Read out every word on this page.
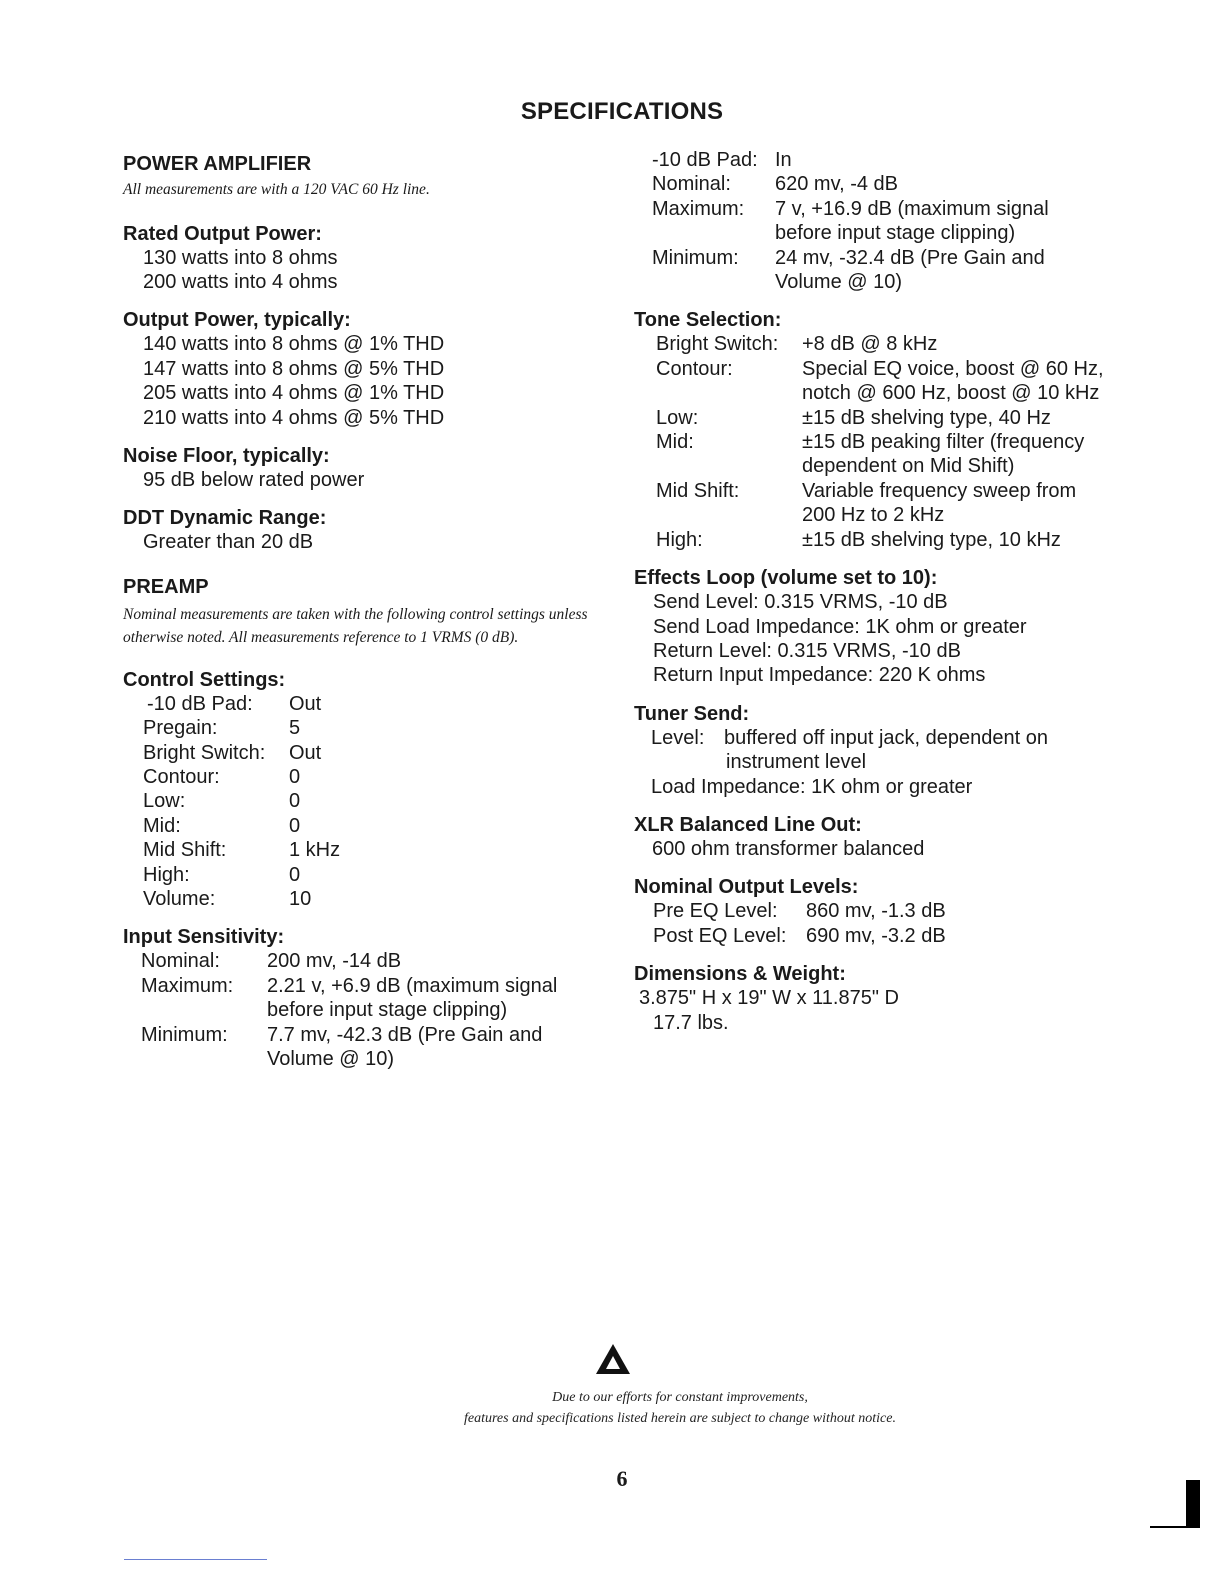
SPECIFICATIONS
POWER AMPLIFIER
All measurements are with a 120 VAC 60 Hz line.
Rated Output Power:
130 watts into 8 ohms
200 watts into 4 ohms
Output Power, typically:
140 watts into 8 ohms @ 1% THD
147 watts into 8 ohms @ 5% THD
205 watts into 4 ohms @ 1% THD
210 watts into 4 ohms @ 5% THD
Noise Floor, typically:
95 dB below rated power
DDT Dynamic Range:
Greater than 20 dB
PREAMP
Nominal measurements are taken with the following control settings unless otherwise noted. All measurements reference to 1 VRMS (0 dB).
Control Settings:
-10 dB Pad:	Out
Pregain:	5
Bright Switch:	Out
Contour:	0
Low:	0
Mid:	0
Mid Shift:	1 kHz
High:	0
Volume:	10
Input Sensitivity:
Nominal:	200 mv, -14 dB
Maximum:	2.21 v, +6.9 dB (maximum signal
before input stage clipping)
Minimum:	7.7 mv, -42.3 dB (Pre Gain and
Volume @ 10)
-10 dB Pad: In
Nominal:	620 mv, -4 dB
Maximum:	7 v, +16.9 dB (maximum signal
before input stage clipping)
Minimum:	24 mv, -32.4 dB (Pre Gain and
Volume @ 10)
Tone Selection:
Bright Switch:	+8 dB @ 8 kHz
Contour:	Special EQ voice, boost @ 60 Hz,
notch @ 600 Hz, boost @ 10 kHz
Low:	±15 dB shelving type, 40 Hz
Mid:	±15 dB peaking filter (frequency
dependent on Mid Shift)
Mid Shift:	Variable frequency sweep from
200 Hz to 2 kHz
High:	±15 dB shelving type, 10 kHz
Effects Loop (volume set to 10):
Send Level: 0.315 VRMS, -10 dB
Send Load Impedance: 1K ohm or greater
Return Level: 0.315 VRMS, -10 dB
Return Input Impedance: 220 K ohms
Tuner Send:
Level: buffered off input jack, dependent on
instrument level
Load Impedance: 1K ohm or greater
XLR Balanced Line Out:
600 ohm transformer balanced
Nominal Output Levels:
Pre EQ Level:	860 mv, -1.3 dB
Post EQ Level: 690 mv, -3.2 dB
Dimensions & Weight:
3.875" H x 19" W x 11.875" D
17.7 lbs.
Due to our efforts for constant improvements,
features and specifications listed herein are subject to change without notice.
6
